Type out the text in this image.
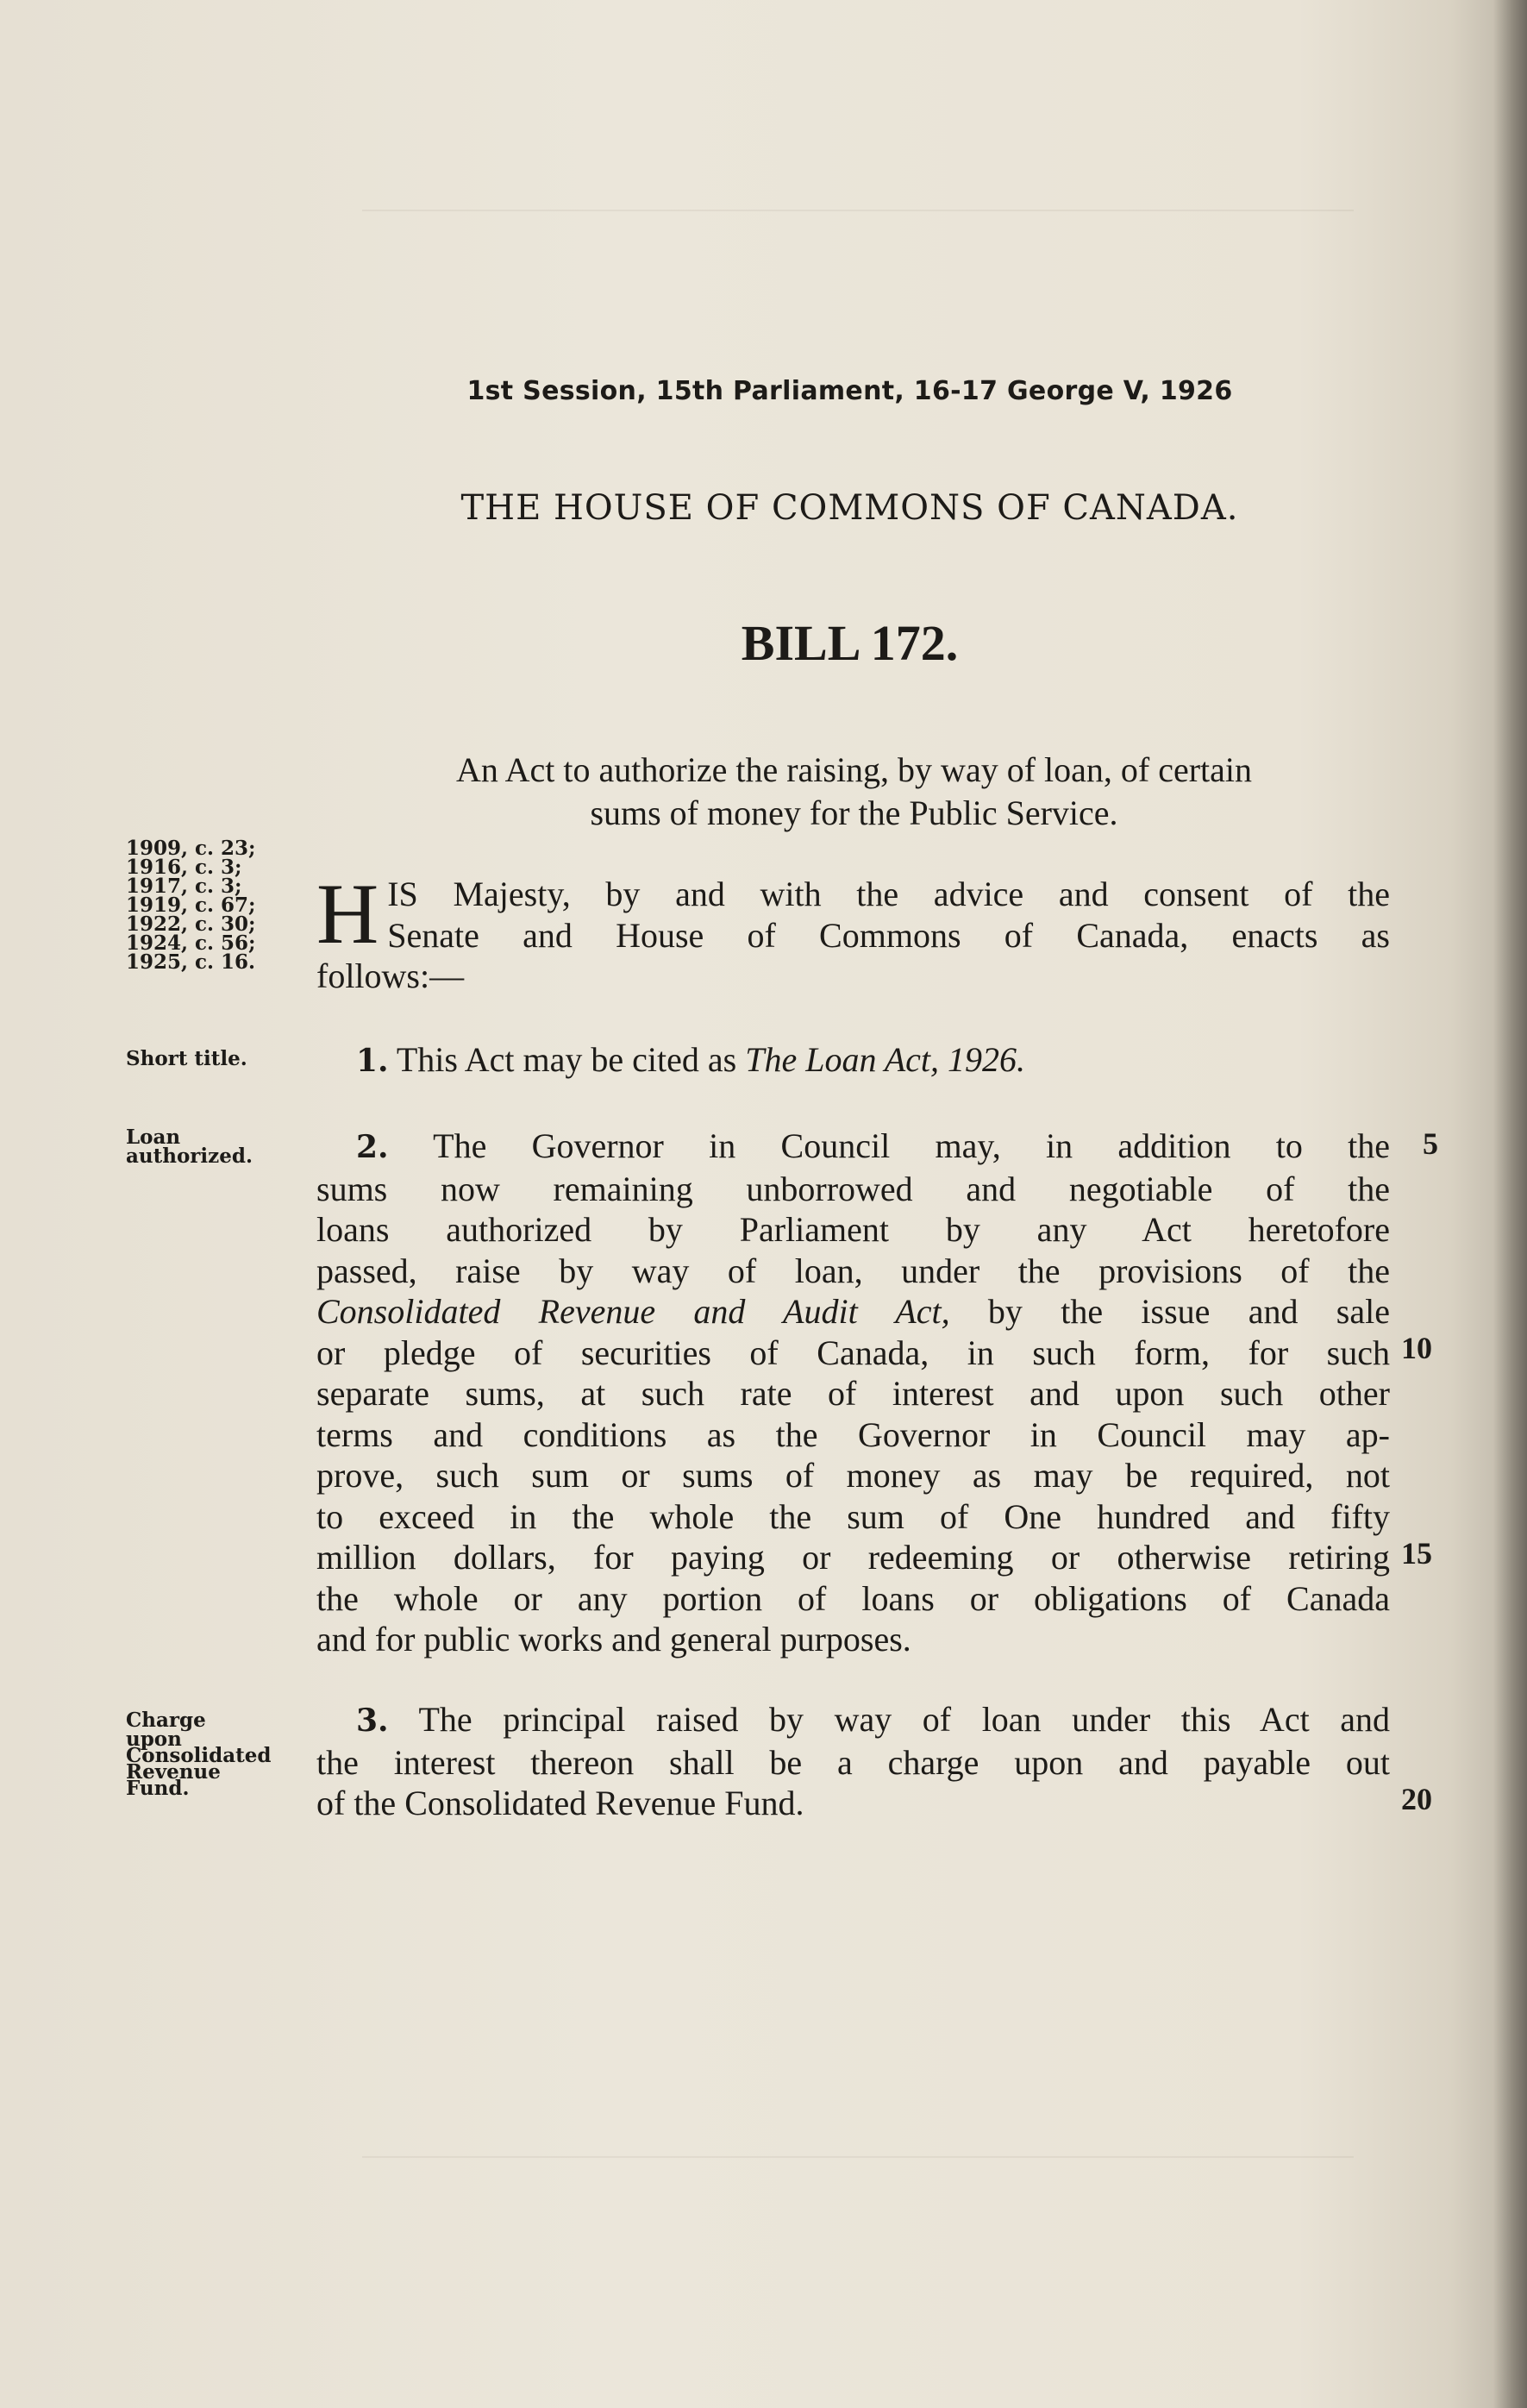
1st Session, 15th Parliament, 16-17 George V, 1926
THE HOUSE OF COMMONS OF CANADA.
BILL 172.
An Act to authorize the raising, by way of loan, of certain
sums of money for the Public Service.
1909, c. 23;
1916, c. 3;
1917, c. 3;
1919, c. 67;
1922, c. 30;
1924, c. 56;
1925, c. 16.
Short title.
Loan
authorized.
Charge
upon
Consolidated
Revenue
Fund.
H IS Majesty, by and with the advice and consent of the
Senate and House of Commons of Canada, enacts as
follows:—
1. This Act may be cited as The Loan Act, 1926.
2. The Governor in Council may, in addition to the
sums now remaining unborrowed and negotiable of the
loans authorized by Parliament by any Act heretofore
passed, raise by way of loan, under the provisions of the
Consolidated Revenue and Audit Act, by the issue and sale
or pledge of securities of Canada, in such form, for such
separate sums, at such rate of interest and upon such other
terms and conditions as the Governor in Council may ap-
prove, such sum or sums of money as may be required, not
to exceed in the whole the sum of One hundred and fifty
million dollars, for paying or redeeming or otherwise retiring
the whole or any portion of loans or obligations of Canada
and for public works and general purposes.
3. The principal raised by way of loan under this Act and
the interest thereon shall be a charge upon and payable out
of the Consolidated Revenue Fund.
5
10
15
20
